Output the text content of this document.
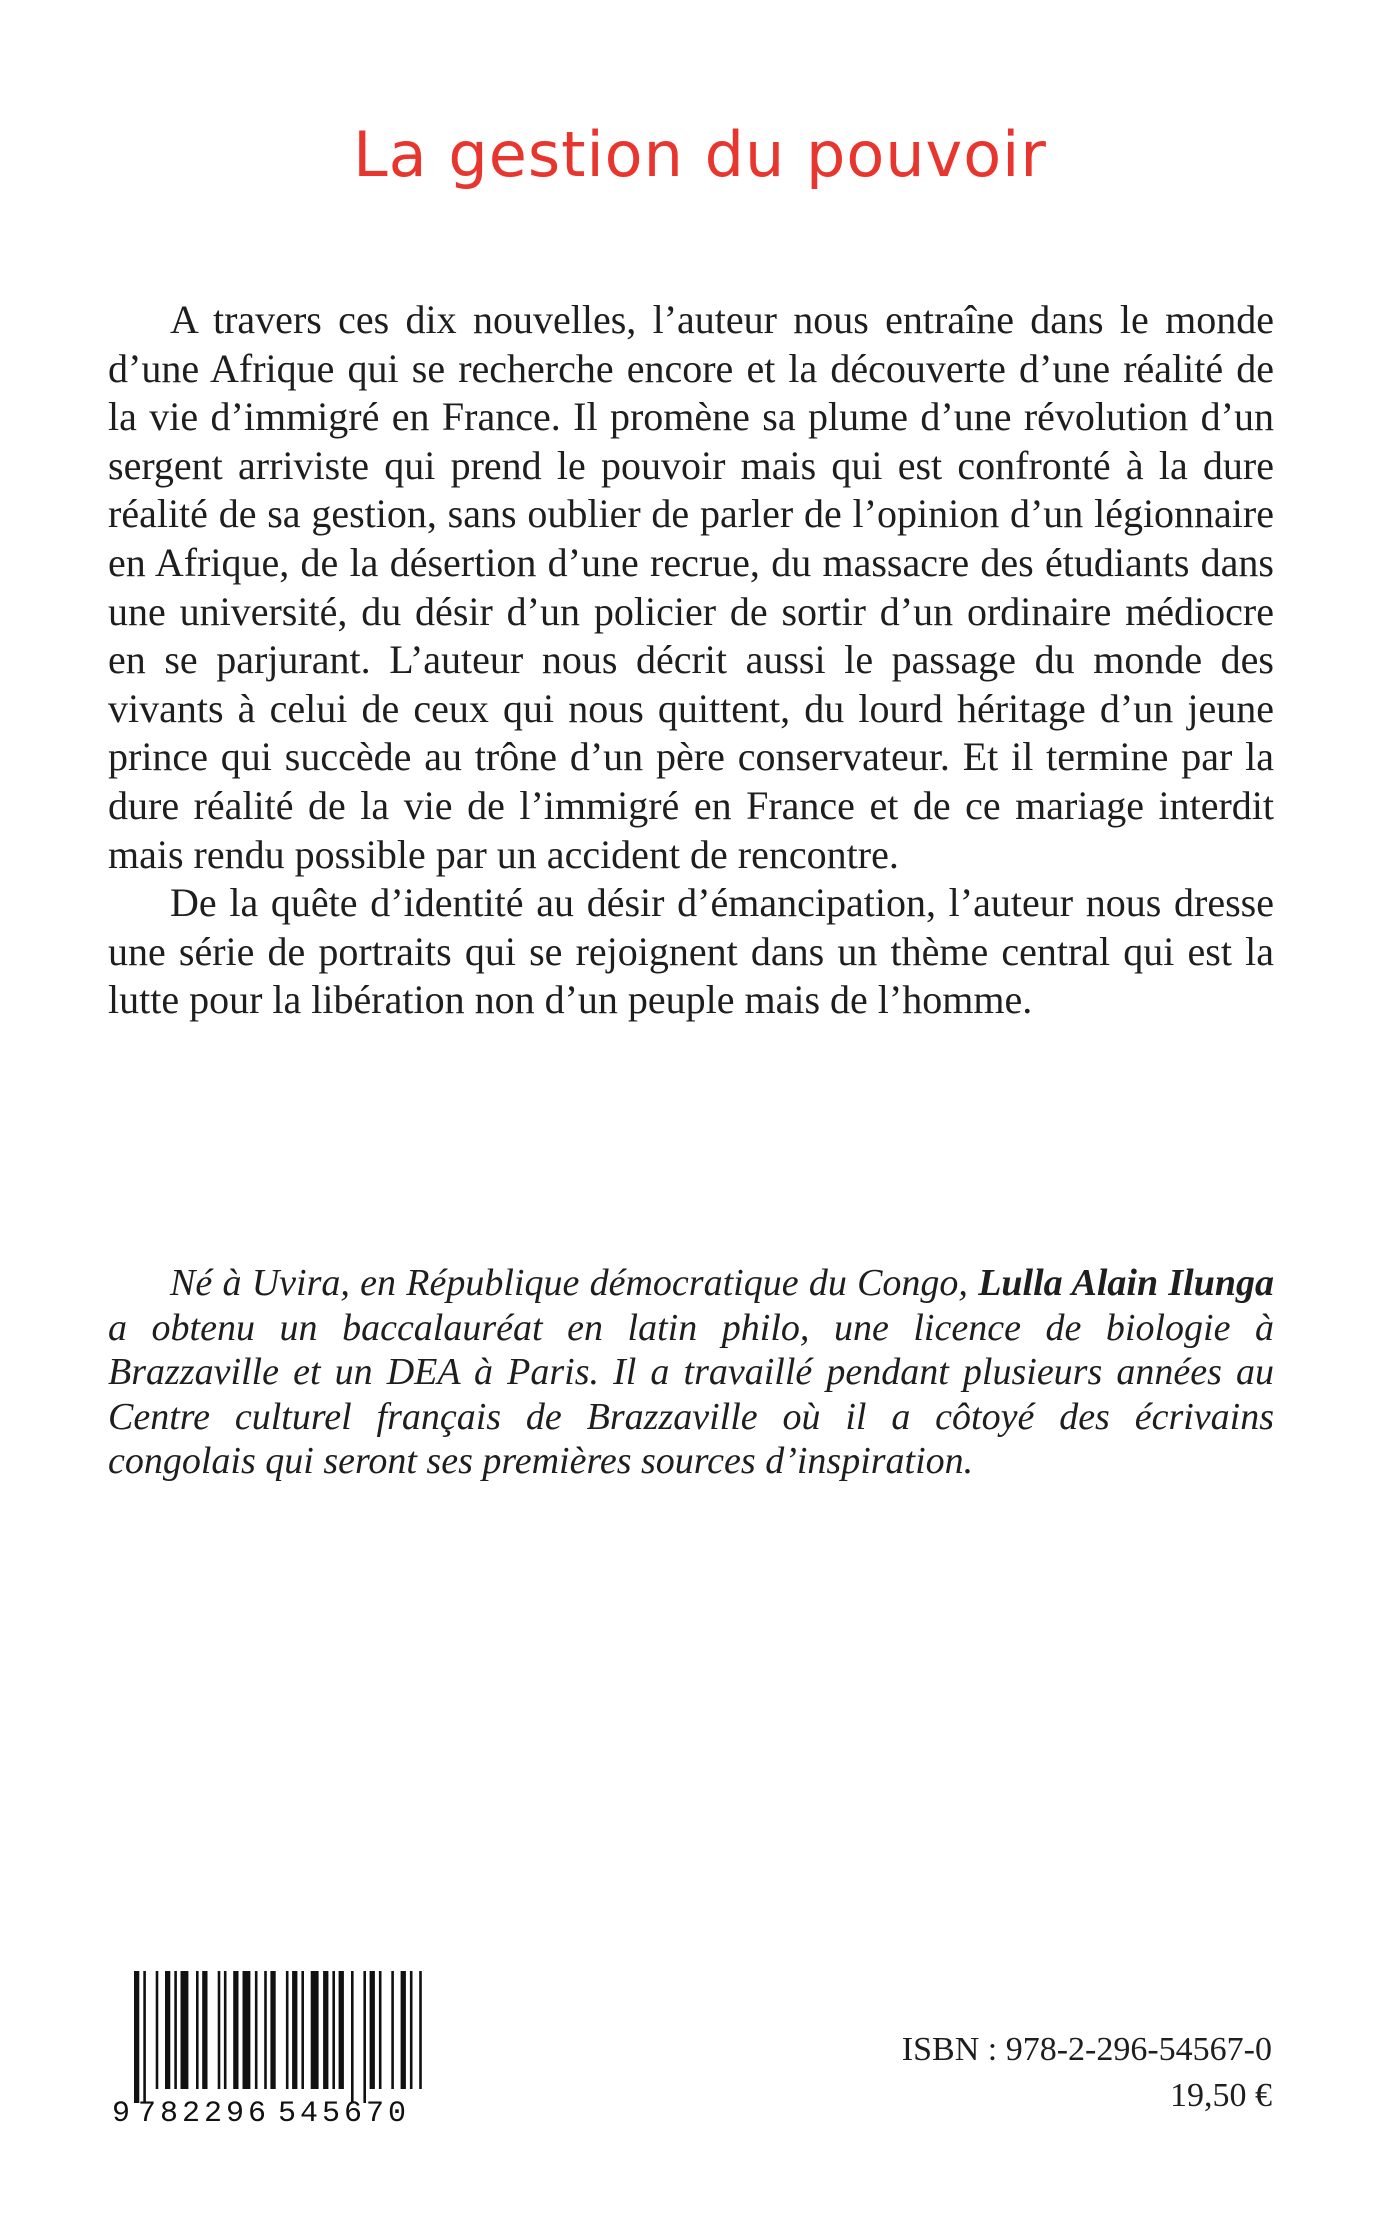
La gestion du pouvoir

A travers ces dix nouvelles, l’auteur nous entraîne dans le monde d’une Afrique qui se recherche encore et la découverte d’une réalité de la vie d’immigré en France. Il promène sa plume d’une révolution d’un sergent arriviste qui prend le pouvoir mais qui est confronté à la dure réalité de sa gestion, sans oublier de parler de l’opinion d’un légionnaire en Afrique, de la désertion d’une recrue, du massacre des étudiants dans une université, du désir d’un policier de sortir d’un ordinaire médiocre en se parjurant. L’auteur nous décrit aussi le passage du monde des vivants à celui de ceux qui nous quittent, du lourd héritage d’un jeune prince qui succède au trône d’un père conservateur. Et il termine par la dure réalité de la vie de l’immigré en France et de ce mariage interdit mais rendu possible par un accident de rencontre.

De la quête d’identité au désir d’émancipation, l’auteur nous dresse une série de portraits qui se rejoignent dans un thème central qui est la lutte pour la libération non d’un peuple mais de l’homme.

Né à Uvira, en République démocratique du Congo, Lulla Alain Ilunga a obtenu un baccalauréat en latin philo, une licence de biologie à Brazzaville et un DEA à Paris. Il a travaillé pendant plusieurs années au Centre culturel français de Brazzaville où il a côtoyé des écrivains congolais qui seront ses premières sources d’inspiration.

9 782296 545670
ISBN : 978-2-296-54567-0
19,50 €
